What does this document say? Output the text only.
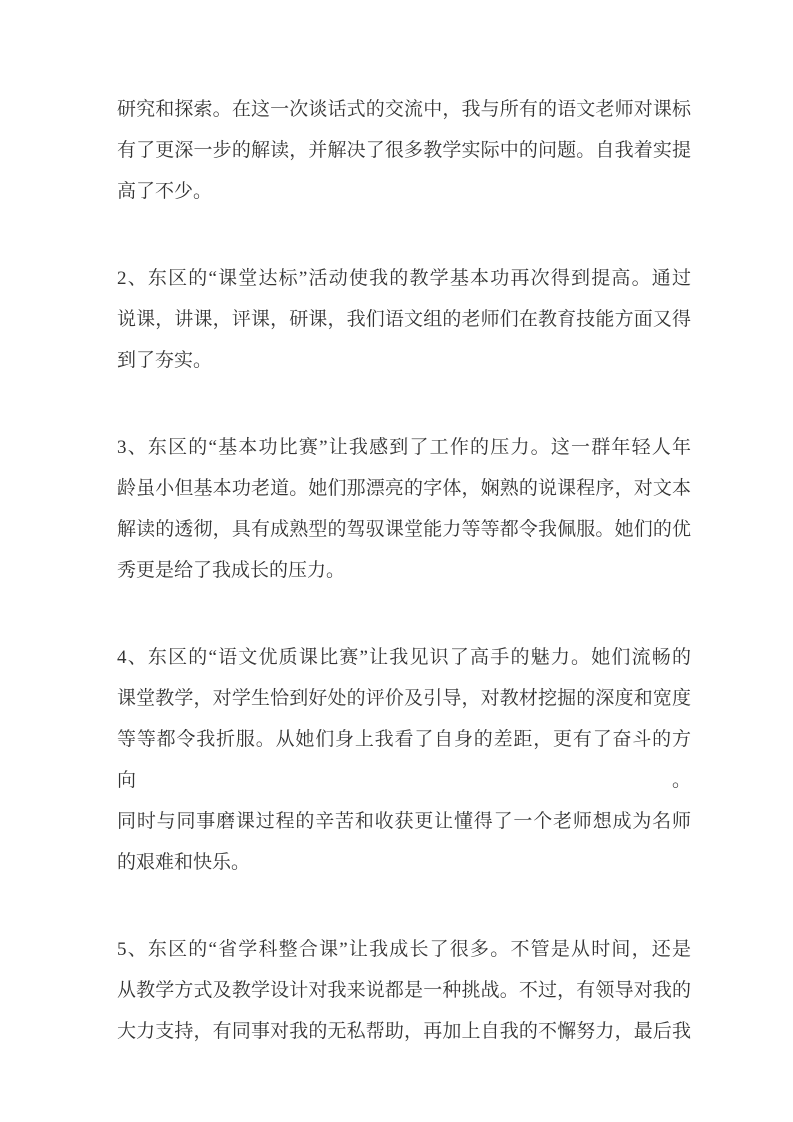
研究和探索。在这一次谈话式的交流中，我与所有的语文老师对课标
有了更深一步的解读，并解决了很多教学实际中的问题。自我着实提
高了不少。

2、东区的“课堂达标”活动使我的教学基本功再次得到提高。通过
说课，讲课，评课，研课，我们语文组的老师们在教育技能方面又得
到了夯实。

3、东区的“基本功比赛”让我感到了工作的压力。这一群年轻人年
龄虽小但基本功老道。她们那漂亮的字体，娴熟的说课程序，对文本
解读的透彻，具有成熟型的驾驭课堂能力等等都令我佩服。她们的优
秀更是给了我成长的压力。

4、东区的“语文优质课比赛”让我见识了高手的魅力。她们流畅的
课堂教学，对学生恰到好处的评价及引导，对教材挖掘的深度和宽度
等等都令我折服。从她们身上我看了自身的差距，更有了奋斗的方向。
同时与同事磨课过程的辛苦和收获更让懂得了一个老师想成为名师
的艰难和快乐。

5、东区的“省学科整合课”让我成长了很多。不管是从时间，还是
从教学方式及教学设计对我来说都是一种挑战。不过，有领导对我的
大力支持，有同事对我的无私帮助，再加上自我的不懈努力，最后我
